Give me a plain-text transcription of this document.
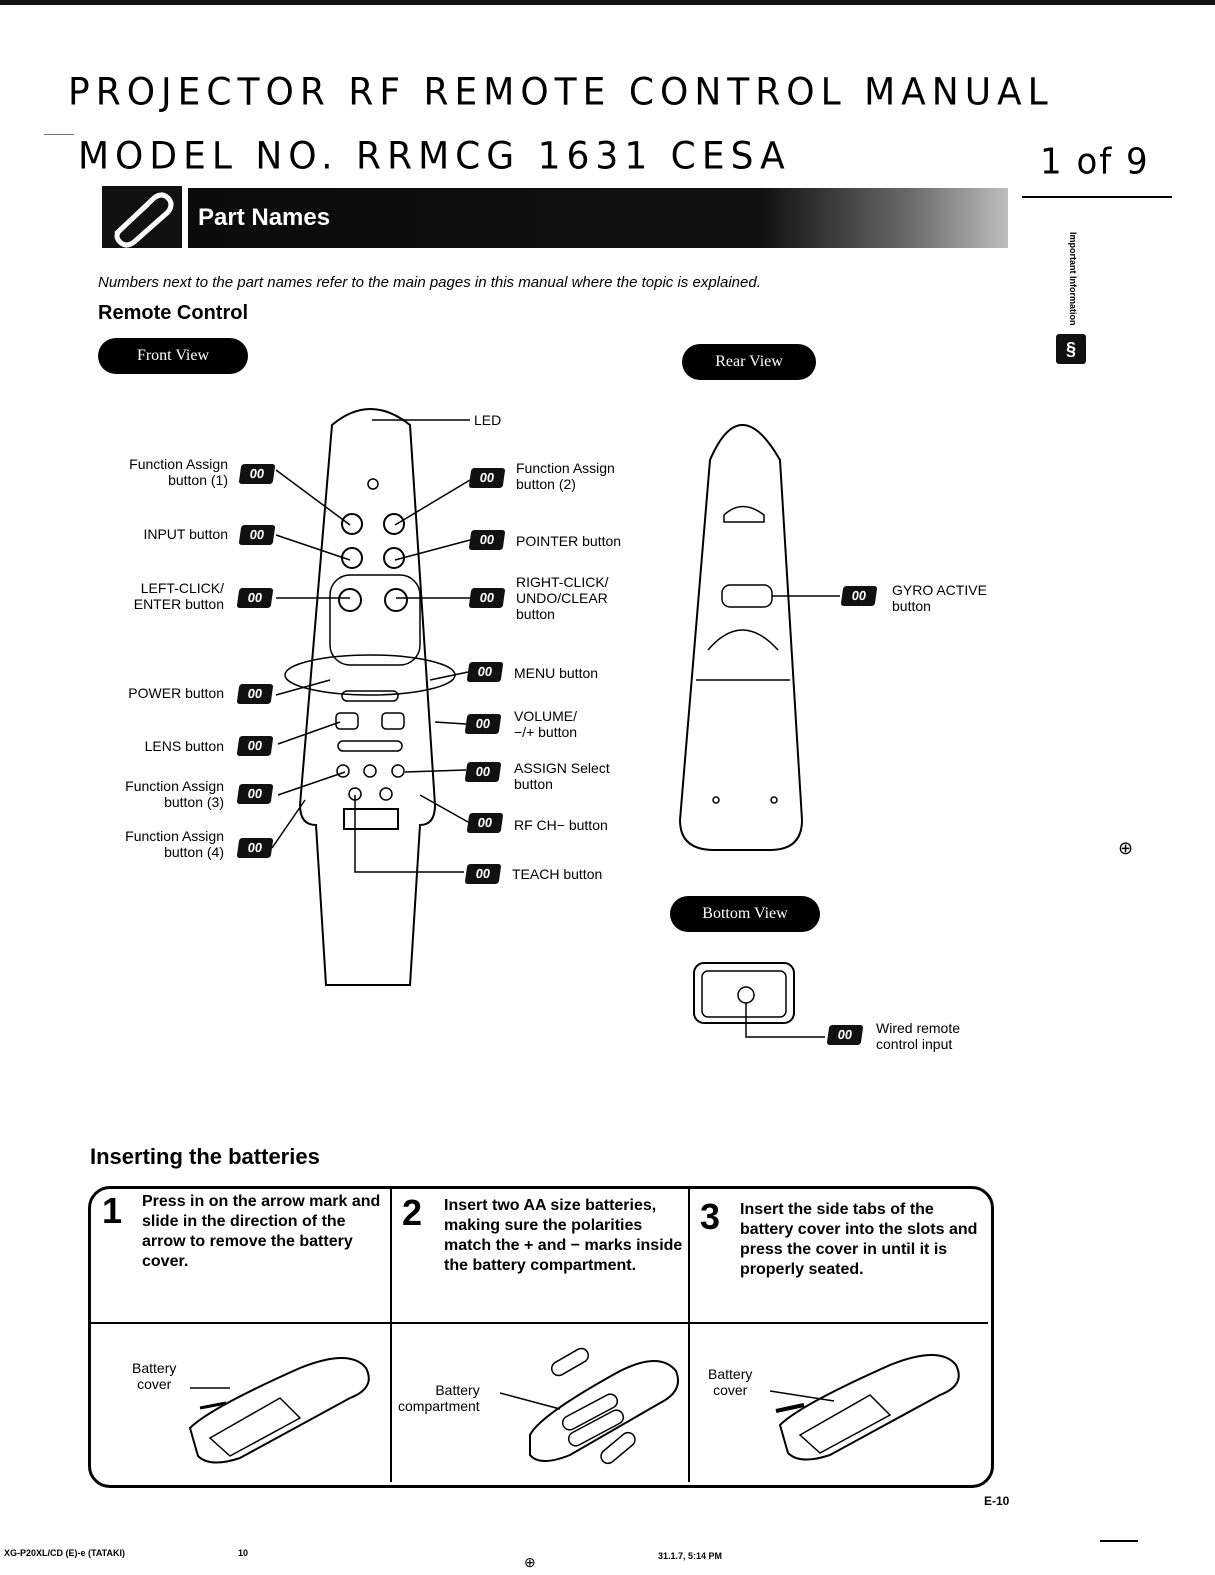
PROJECTOR RF REMOTE CONTROL MANUAL
MODEL NO. RRMCG 1631 CESA	1 of 9
Part Names
Important Information
§
Numbers next to the part names refer to the main pages in this manual where the topic is explained.
Remote Control
Front View	Rear View
Bottom View
Function Assign
button (1)	00
INPUT button	00
LEFT-CLICK/
ENTER button	00
POWER button	00
LENS button	00
Function Assign
button (3)
00
Function Assign
button (4)	00
LED
00
Function Assign
button (2)
00	POINTER button
00
RIGHT-CLICK/
UNDO/CLEAR
button
00	MENU button
00	VOLUME/
−/+ button
00	ASSIGN Select
button
00	RF CH− button
00	TEACH button
00	GYRO ACTIVE
button
00	Wired remote
control input
⊕
Inserting the batteries
1 Press in on the arrow mark and slide in the direction of the arrow to remove the battery cover.
2 Insert two AA size batteries, making sure the polarities match the + and − marks inside the battery compartment.
3 Insert the side tabs of the battery cover into the slots and press the cover in until it is properly seated.
Battery
cover	Battery
compartment
Battery
cover
E-10
XG-P20XL/CD (E)-e (TATAKI)	10	31.1.7, 5:14 PM
⊕
